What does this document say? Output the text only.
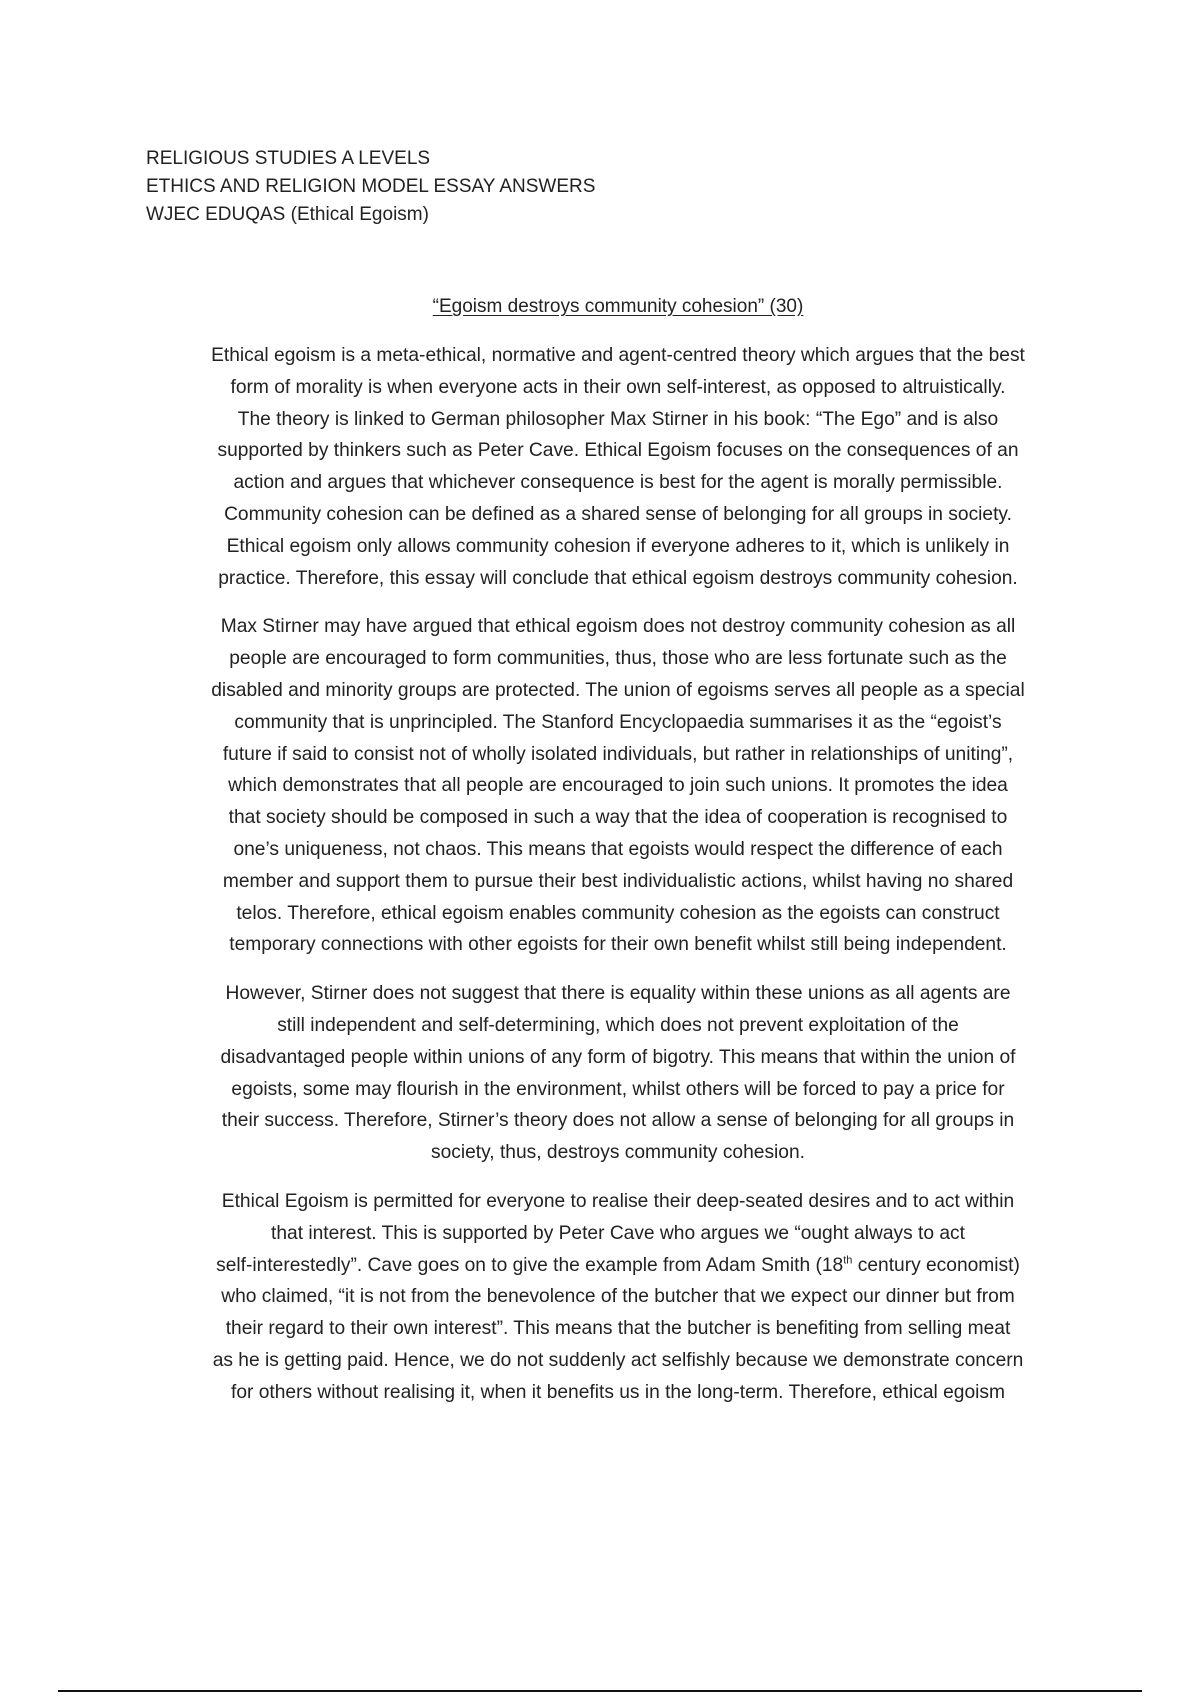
RELIGIOUS STUDIES A LEVELS
ETHICS AND RELIGION MODEL ESSAY ANSWERS
WJEC EDUQAS (Ethical Egoism)
“Egoism destroys community cohesion” (30)

Ethical egoism is a meta-ethical, normative and agent-centred theory which argues that the best
form of morality is when everyone acts in their own self-interest, as opposed to altruistically.
The theory is linked to German philosopher Max Stirner in his book: “The Ego” and is also
supported by thinkers such as Peter Cave. Ethical Egoism focuses on the consequences of an
action and argues that whichever consequence is best for the agent is morally permissible.
Community cohesion can be defined as a shared sense of belonging for all groups in society.
Ethical egoism only allows community cohesion if everyone adheres to it, which is unlikely in
practice. Therefore, this essay will conclude that ethical egoism destroys community cohesion.

Max Stirner may have argued that ethical egoism does not destroy community cohesion as all
people are encouraged to form communities, thus, those who are less fortunate such as the
disabled and minority groups are protected. The union of egoisms serves all people as a special
community that is unprincipled. The Stanford Encyclopaedia summarises it as the “egoist’s
future if said to consist not of wholly isolated individuals, but rather in relationships of uniting”,
which demonstrates that all people are encouraged to join such unions. It promotes the idea
that society should be composed in such a way that the idea of cooperation is recognised to
one’s uniqueness, not chaos. This means that egoists would respect the difference of each
member and support them to pursue their best individualistic actions, whilst having no shared
telos. Therefore, ethical egoism enables community cohesion as the egoists can construct
temporary connections with other egoists for their own benefit whilst still being independent.

However, Stirner does not suggest that there is equality within these unions as all agents are
still independent and self-determining, which does not prevent exploitation of the
disadvantaged people within unions of any form of bigotry. This means that within the union of
egoists, some may flourish in the environment, whilst others will be forced to pay a price for
their success. Therefore, Stirner’s theory does not allow a sense of belonging for all groups in
society, thus, destroys community cohesion.

Ethical Egoism is permitted for everyone to realise their deep-seated desires and to act within
that interest. This is supported by Peter Cave who argues we “ought always to act
self-interestedly”. Cave goes on to give the example from Adam Smith (18th century economist)
who claimed, “it is not from the benevolence of the butcher that we expect our dinner but from
their regard to their own interest”. This means that the butcher is benefiting from selling meat
as he is getting paid. Hence, we do not suddenly act selfishly because we demonstrate concern
for others without realising it, when it benefits us in the long-term. Therefore, ethical egoism
